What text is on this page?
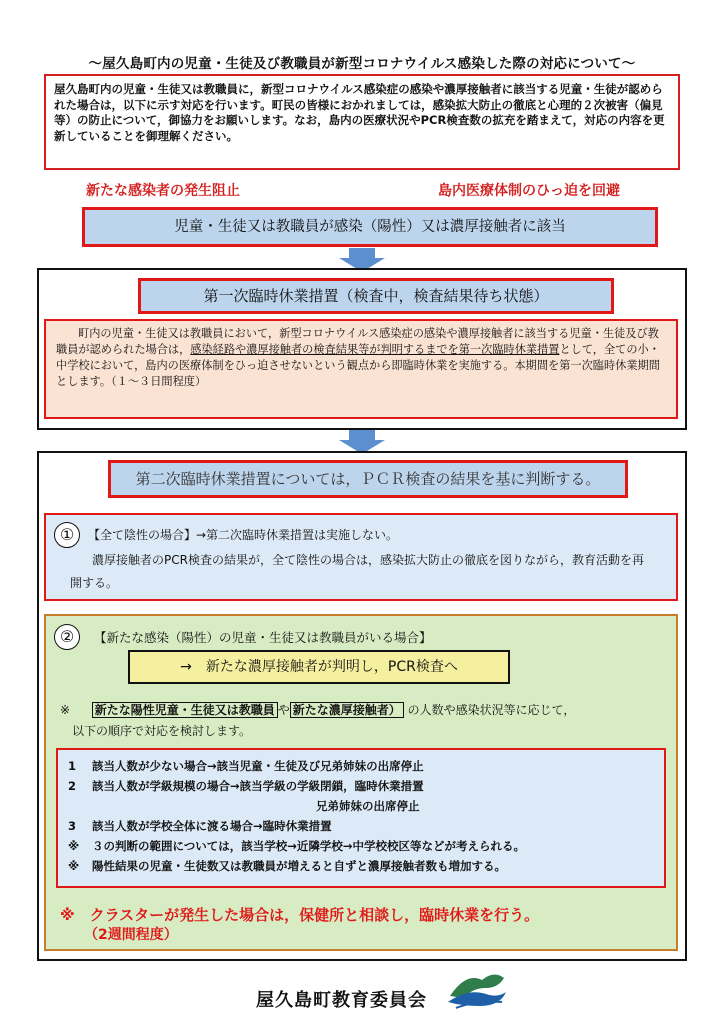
〜屋久島町内の児童・生徒及び教職員が新型コロナウイルス感染した際の対応について〜
屋久島町内の児童・生徒又は教職員に，新型コロナウイルス感染症の感染や濃厚接触者に該当する児童・生徒が認められた場合は，以下に示す対応を行います。町民の皆様におかれましては，感染拡大防止の徹底と心理的２次被害（偏見等）の防止について，御協力をお願いします。なお，島内の医療状況やPCR検査数の拡充を踏まえて，対応の内容を更新していることを御理解ください。
新たな感染者の発生阻止	島内医療体制のひっ迫を回避
児童・生徒又は教職員が感染（陽性）又は濃厚接触者に該当
第一次臨時休業措置（検査中，検査結果待ち状態）
町内の児童・生徒又は教職員において，新型コロナウイルス感染症の感染や濃厚接触者に該当する児童・生徒及び教職員が認められた場合は，感染経路や濃厚接触者の検査結果等が判明するまでを第一次臨時休業措置として，全ての小・中学校において，島内の医療体制をひっ迫させないという観点から即臨時休業を実施する。本期間を第一次臨時休業期間とします。（１〜３日間程度）
第二次臨時休業措置については，ＰＣＲ検査の結果を基に判断する。
①	【全て陰性の場合】→第二次臨時休業措置は実施しない。
濃厚接触者のPCR検査の結果が，全て陰性の場合は，感染拡大防止の徹底を図りながら，教育活動を再開する。
②	【新たな感染（陽性）の児童・生徒又は教職員がいる場合】
→　新たな濃厚接触者が判明し，PCR検査へ
※ 新たな陽性児童・生徒又は教職員 や 新たな濃厚接触者） の人数や感染状況等に応じて，
以下の順序で対応を検討します。
1 該当人数が少ない場合→該当児童・生徒及び兄弟姉妹の出席停止
2 該当人数が学級規模の場合→該当学級の学級閉鎖，臨時休業措置
兄弟姉妹の出席停止
3 該当人数が学校全体に渡る場合→臨時休業措置
※ ３の判断の範囲については，該当学校→近隣学校→中学校校区等などが考えられる。
※ 陽性結果の児童・生徒数又は教職員が増えると自ずと濃厚接触者数も増加する。
※　クラスターが発生した場合は，保健所と相談し，臨時休業を行う。
（2週間程度）
屋久島町教育委員会
